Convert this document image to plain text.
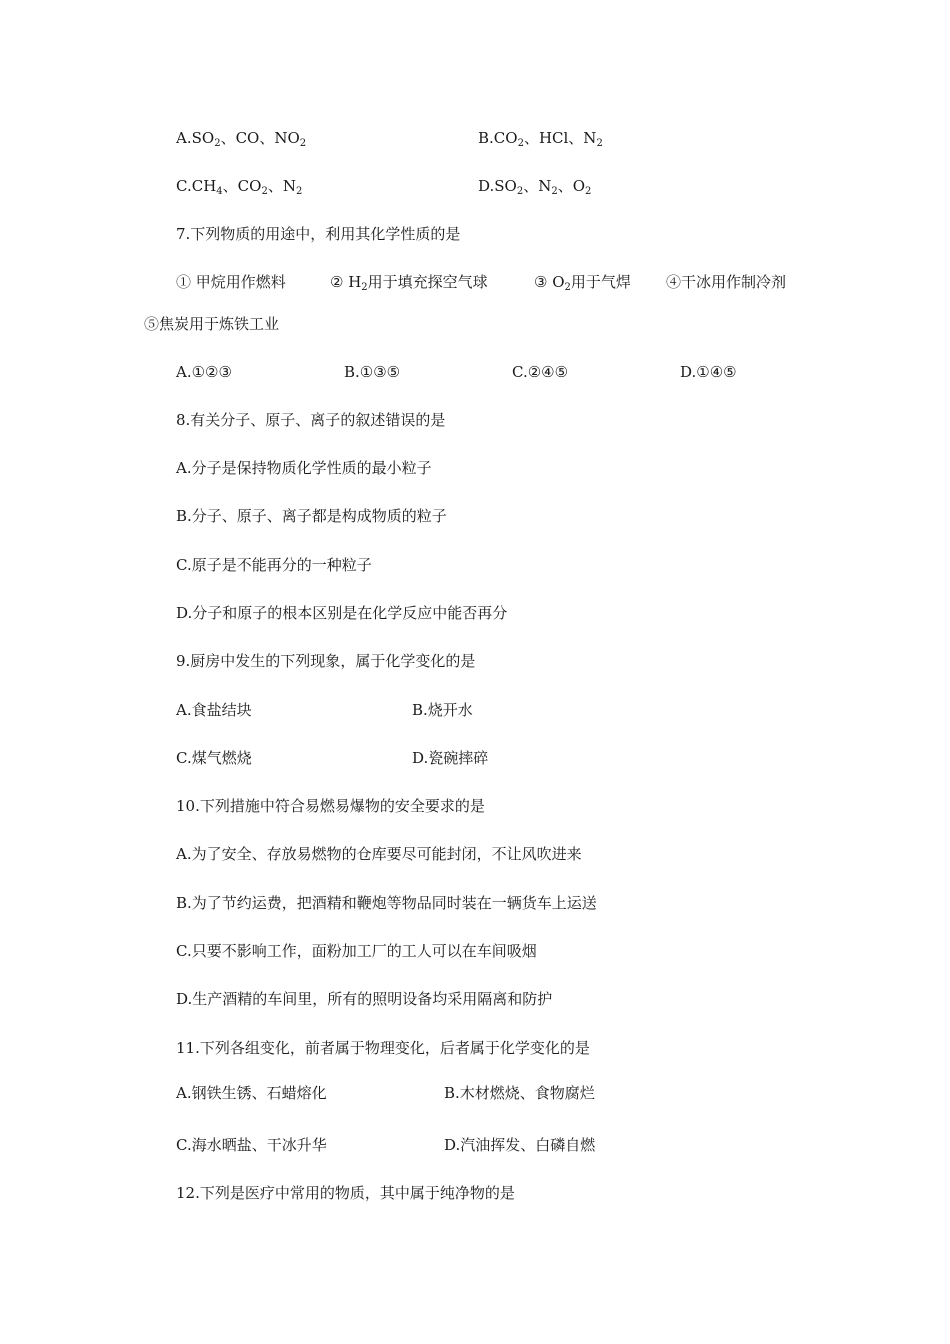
$A.SO_2$、CO、$NO_2$	$B.CO_2$、HCl、$N_2$
$C.CH_4$、$CO_2$、$N_2$	$D.SO_2$、$N_2$、$O_2$
7.下列物质的用途中，利用其化学性质的是
① 甲烷用作燃料	② $H_2$用于填充探空气球	③ $O_2$用于气焊 ④干冰用作制冷剂
⑤焦炭用于炼铁工业
A.①②③	B.①③⑤	C.②④⑤	D.①④⑤
8.有关分子、原子、离子的叙述错误的是
A.分子是保持物质化学性质的最小粒子
B.分子、原子、离子都是构成物质的粒子
C.原子是不能再分的一种粒子
D.分子和原子的根本区别是在化学反应中能否再分
9.厨房中发生的下列现象，属于化学变化的是
A.食盐结块	B.烧开水
C.煤气燃烧	D.瓷碗摔碎
10.下列措施中符合易燃易爆物的安全要求的是
A.为了安全、存放易燃物的仓库要尽可能封闭，不让风吹进来
B.为了节约运费，把酒精和鞭炮等物品同时装在一辆货车上运送
C.只要不影响工作，面粉加工厂的工人可以在车间吸烟
D.生产酒精的车间里，所有的照明设备均采用隔离和防护
11.下列各组变化，前者属于物理变化，后者属于化学变化的是
A.钢铁生锈、石蜡熔化	B.木材燃烧、食物腐烂
C.海水晒盐、干冰升华	D.汽油挥发、白磷自燃
12.下列是医疗中常用的物质，其中属于纯净物的是
